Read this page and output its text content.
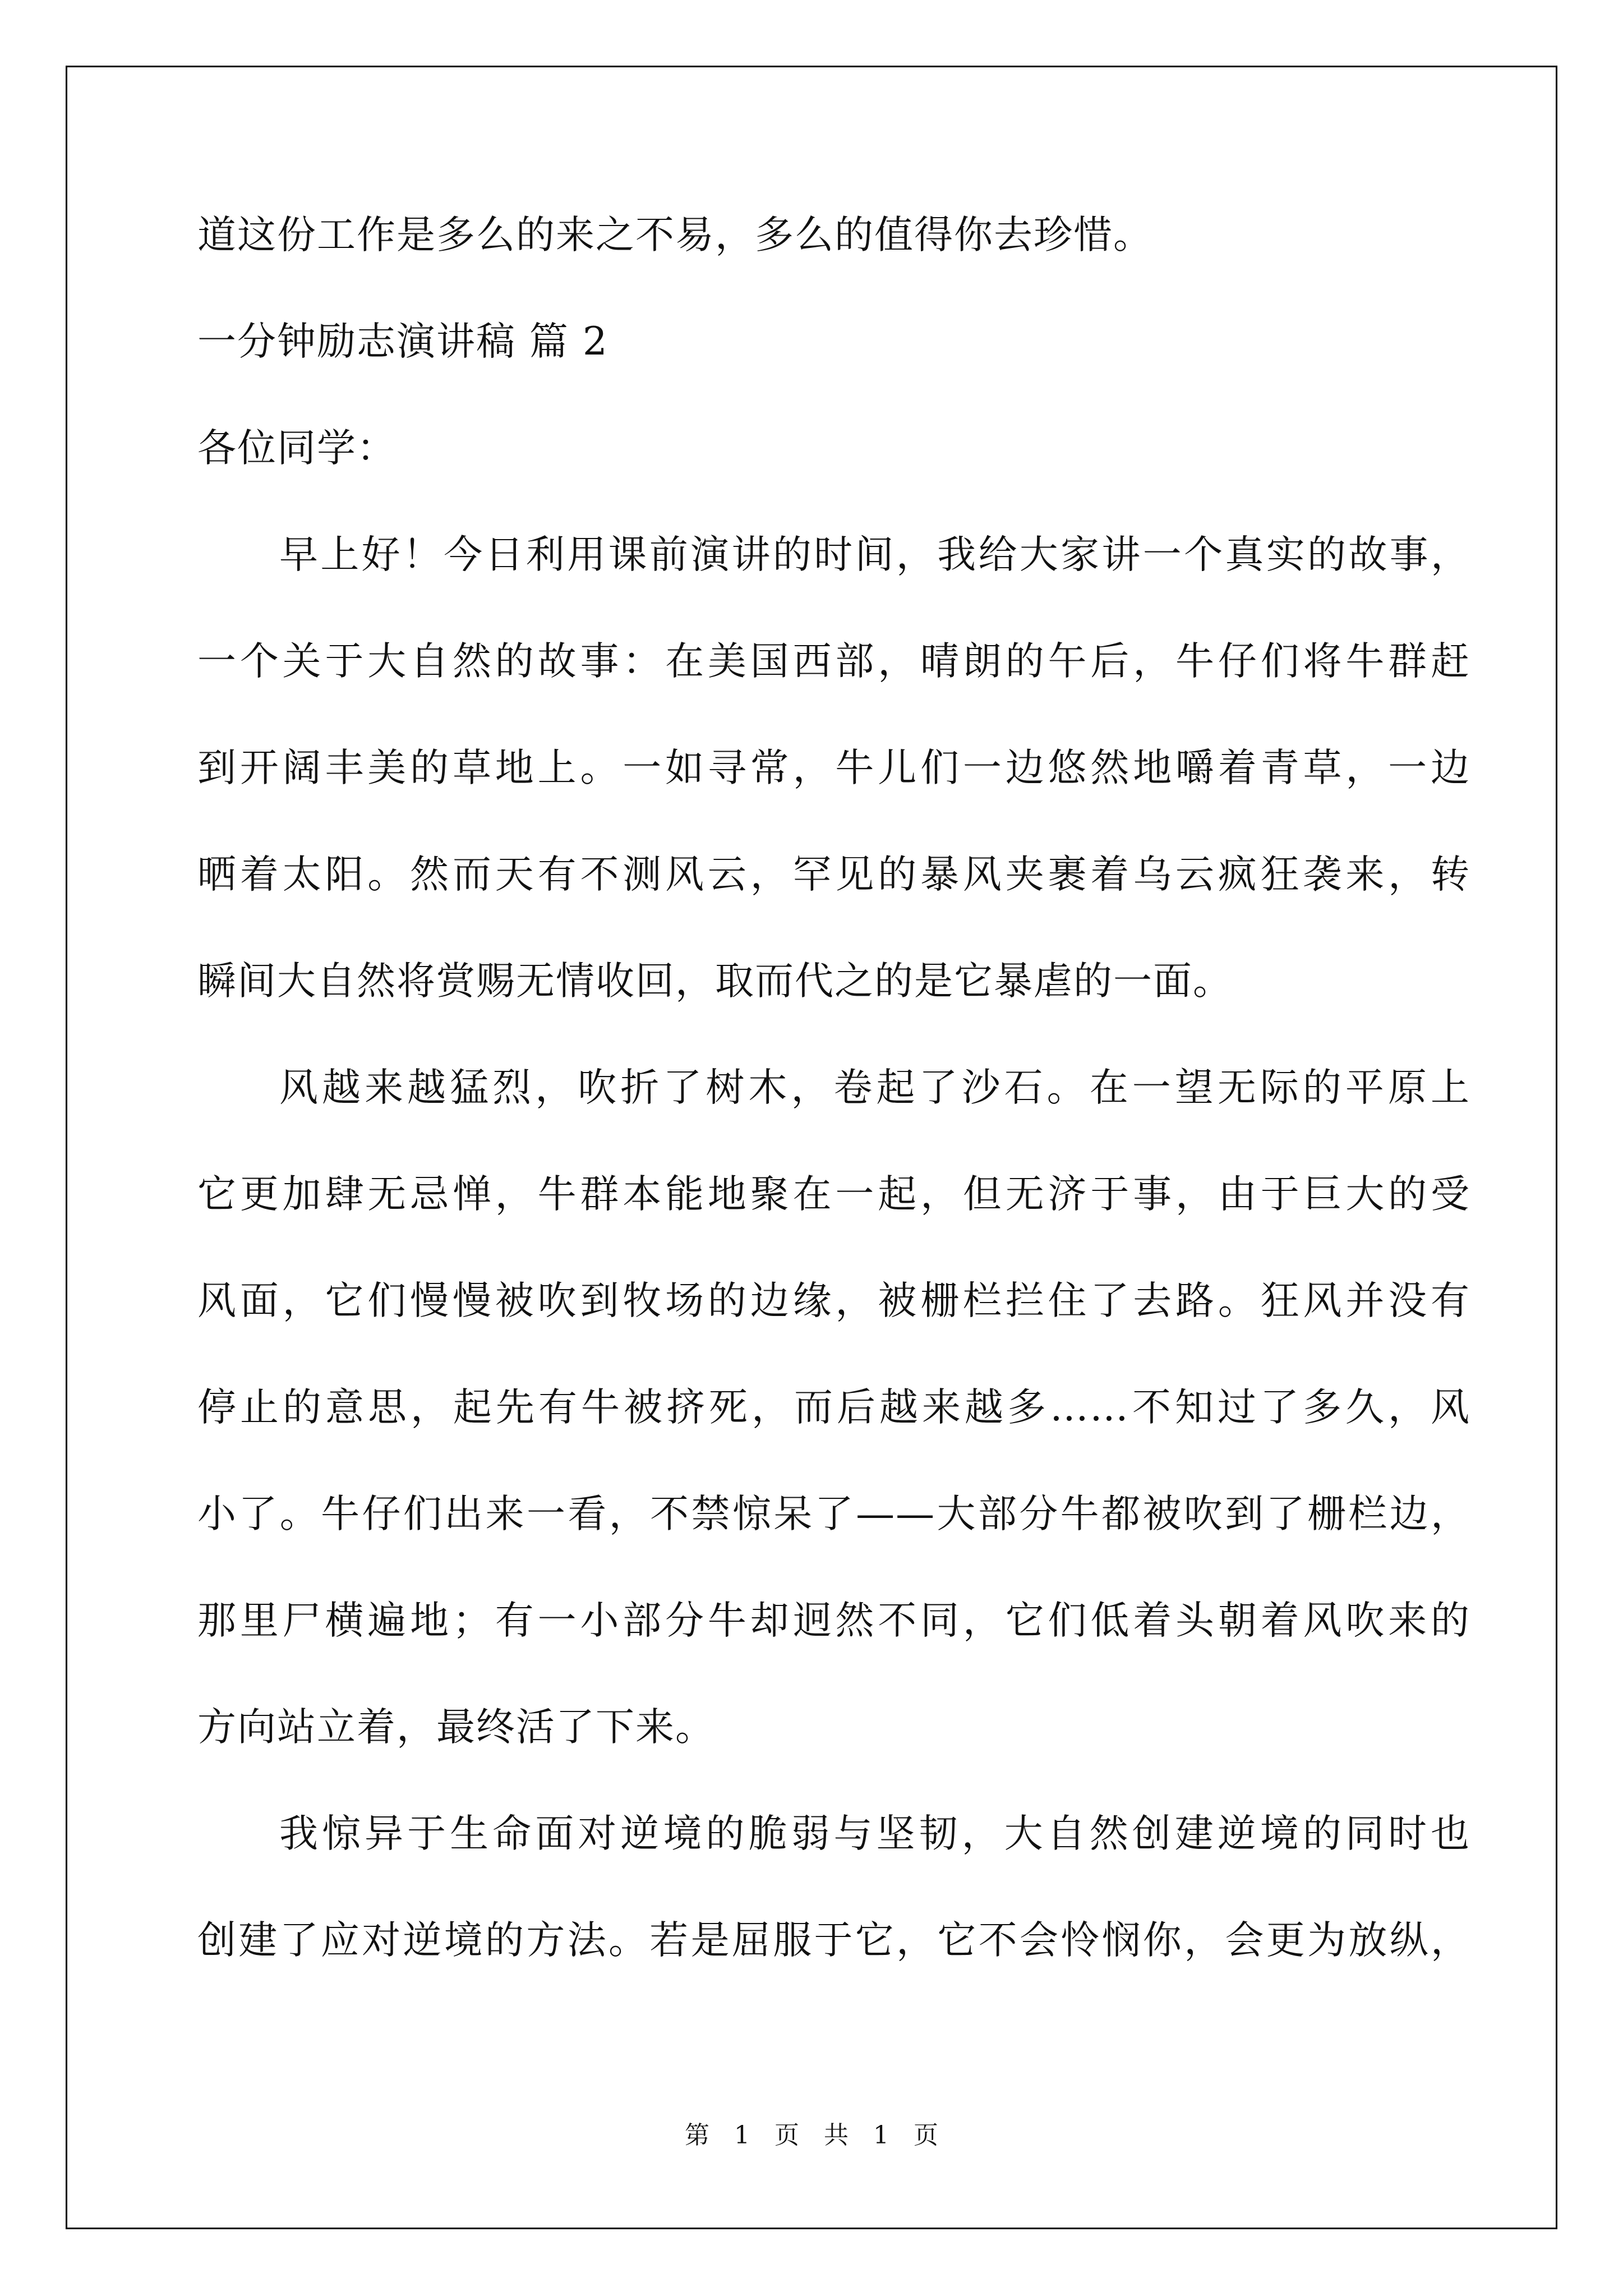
道这份工作是多么的来之不易，多么的值得你去珍惜。
一分钟励志演讲稿 篇 2
各位同学：
早上好！今日利用课前演讲的时间，我给大家讲一个真实的故事，
一个关于大自然的故事：在美国西部，晴朗的午后，牛仔们将牛群赶
到开阔丰美的草地上。一如寻常，牛儿们一边悠然地嚼着青草，一边
晒着太阳。然而天有不测风云，罕见的暴风夹裹着乌云疯狂袭来，转
瞬间大自然将赏赐无情收回，取而代之的是它暴虐的一面。
风越来越猛烈，吹折了树木，卷起了沙石。在一望无际的平原上
它更加肆无忌惮，牛群本能地聚在一起，但无济于事，由于巨大的受
风面，它们慢慢被吹到牧场的边缘，被栅栏拦住了去路。狂风并没有
停止的意思，起先有牛被挤死，而后越来越多……不知过了多久，风
小了。牛仔们出来一看，不禁惊呆了——大部分牛都被吹到了栅栏边，
那里尸横遍地；有一小部分牛却迥然不同，它们低着头朝着风吹来的
方向站立着，最终活了下来。
我惊异于生命面对逆境的脆弱与坚韧，大自然创建逆境的同时也
创建了应对逆境的方法。若是屈服于它，它不会怜悯你，会更为放纵，
第 1 页 共 1 页
